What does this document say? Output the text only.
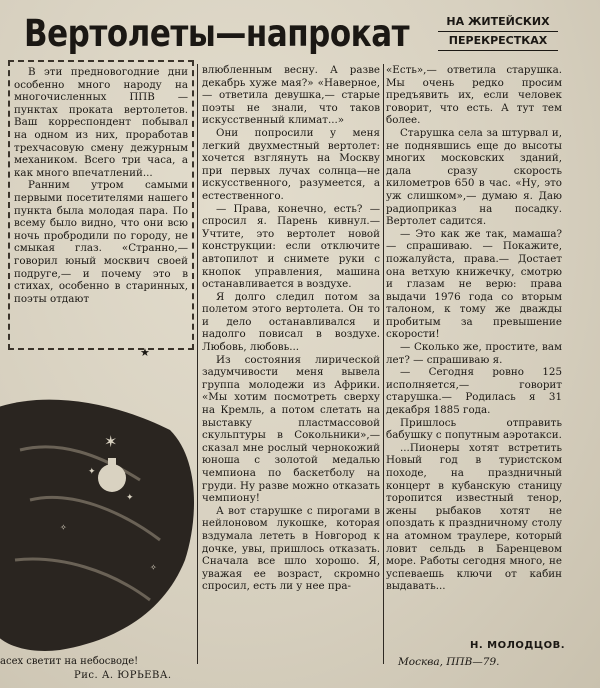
Вертолеты—напрокат	НА ЖИТЕЙСКИХ
ПЕРЕКРЕСТКАХ

В эти предновогодние дни особенно много народу на многочисленных ППВ — пунктах проката вертолетов. Ваш корреспондент побывал на одном из них, проработав трехчасовую смену дежурным механиком. Всего три часа, а как много впечатлений...

Ранним утром самыми первыми посетителями нашего пункта была молодая пара. По всему было видно, что они всю ночь пробродили по городу, не смыкая глаз. «Странно,— говорил юный москвич своей подруге,— и почему это в стихах, особенно в старинных, поэты отдают

★

влюбленным весну. А разве декабрь хуже мая?» «Наверное,— ответила девушка,— старые поэты не знали, что таков искусственный климат...»

Они попросили у меня легкий двухместный вертолет: хочется взглянуть на Москву при первых лучах солнца—не искусственного, разумеется, а естественного.

— Права, конечно, есть? — спросил я. Парень кивнул.— Учтите, это вертолет новой конструкции: если отключите автопилот и снимете руки с кнопок управления, машина останавливается в воздухе.

Я долго следил потом за полетом этого вертолета. Он то и дело останавливался и надолго повисал в воздухе. Любовь, любовь...

Из состояния лирической задумчивости меня вывела группа молодежи из Африки. «Мы хотим посмотреть сверху на Кремль, а потом слетать на выставку пластмассовой скульптуры в Сокольники»,— сказал мне рослый чернокожий юноша с золотой медалью чемпиона по баскетболу на груди. Ну разве можно отказать чемпиону!

А вот старушке с пирогами в нейлоновом лукошке, которая вздумала лететь в Новгород к дочке, увы, пришлось отказать. Сначала все шло хорошо. Я, уважая ее возраст, скромно спросил, есть ли у нее пра-

«Есть»,— ответила старушка. Мы очень редко просим предъявить их, если человек говорит, что есть. А тут тем более.

Старушка села за штурвал и, не поднявшись еще до высоты многих московских зданий, дала сразу скорость километров 650 в час. «Ну, это уж слишком»,— думаю я. Даю радиоприказ на посадку. Вертолет садится.

— Это как же так, мамаша? — спрашиваю. — Покажите, пожалуйста, права.— Достает она ветхую книжечку, смотрю и глазам не верю: права выдачи 1976 года со вторым талоном, к тому же дважды пробитым за превышение скорости!

— Сколько же, простите, вам лет? — спрашиваю я.

— Сегодня ровно 125 исполняется,— говорит старушка.— Родилась я 31 декабря 1885 года.

Пришлось отправить бабушку с попутным аэротакси.

...Пионеры хотят встретить Новый год в туристском походе, на праздничный концерт в кубанскую станицу торопится известный тенор, жены рыбаков хотят не опоздать к праздничному столу на атомном траулере, который ловит сельдь в Баренцевом море. Работы сегодня много, не успеваешь ключи от кабин выдавать...

✶
✦
✦
✧
✧
асех светит на небосводе!
Рис. А. ЮРЬЕВА.
Н. МОЛОДЦОВ.
Москва, ППВ—79.
